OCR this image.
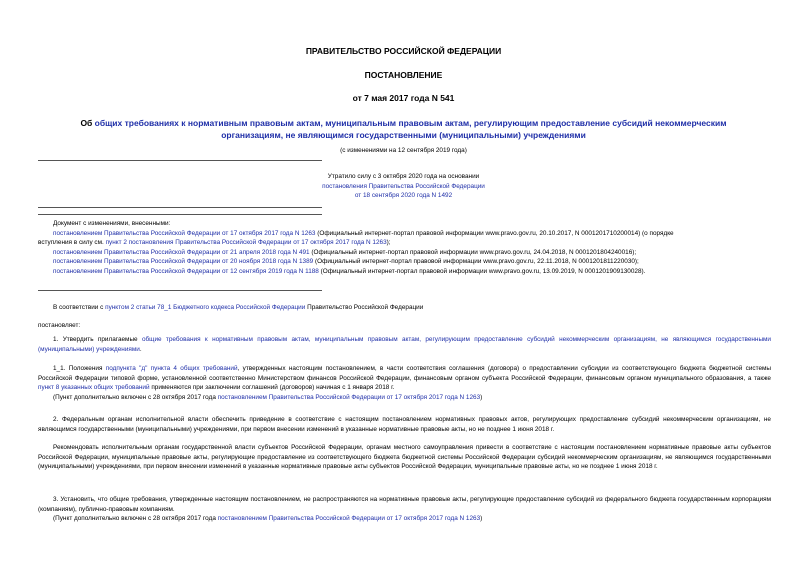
ПРАВИТЕЛЬСТВО РОССИЙСКОЙ ФЕДЕРАЦИИ
ПОСТАНОВЛЕНИЕ
от 7 мая 2017 года N 541
Об общих требованиях к нормативным правовым актам, муниципальным правовым актам, регулирующим предоставление субсидий некоммерческим
организациям, не являющимся государственными (муниципальными) учреждениями
(с изменениями на 12 сентября 2019 года)
Утратило силу с 3 октября 2020 года на основании
постановления Правительства Российской Федерации
от 18 сентября 2020 года N 1492
Документ с изменениями, внесенными:
постановлением Правительства Российской Федерации от 17 октября 2017 года N 1263 (Официальный интернет-портал правовой информации www.pravo.gov.ru, 20.10.2017, N 0001201710200014) (о порядке
вступления в силу см. пункт 2 постановления Правительства Российской Федерации от 17 октября 2017 года N 1263);
постановлением Правительства Российской Федерации от 21 апреля 2018 года N 491 (Официальный интернет-портал правовой информации www.pravo.gov.ru, 24.04.2018, N 0001201804240016);
постановлением Правительства Российской Федерации от 20 ноября 2018 года N 1389 (Официальный интернет-портал правовой информации www.pravo.gov.ru, 22.11.2018, N 0001201811220030);
постановлением Правительства Российской Федерации от 12 сентября 2019 года N 1188 (Официальный интернет-портал правовой информации www.pravo.gov.ru, 13.09.2019, N 0001201909130028).
В соответствии с пунктом 2 статьи 78_1 Бюджетного кодекса Российской Федерации Правительство Российской Федерации
постановляет:
1. Утвердить прилагаемые общие требования к нормативным правовым актам, муниципальным правовым актам, регулирующим предоставление субсидий некоммерческим организациям, не являющимся государственными (муниципальными) учреждениями.
1_1. Положения подпункта "д" пункта 4 общих требований, утвержденных настоящим постановлением, в части соответствия соглашения (договора) о предоставлении субсидии из соответствующего бюджета бюджетной системы Российской Федерации типовой форме, установленной соответственно Министерством финансов Российской Федерации, финансовым органом субъекта Российской Федерации, финансовым органом муниципального образования, а также пункт 8 указанных общих требований применяются при заключении соглашений (договоров) начиная с 1 января 2018 г.
(Пункт дополнительно включен с 28 октября 2017 года постановлением Правительства Российской Федерации от 17 октября 2017 года N 1263)
2. Федеральным органам исполнительной власти обеспечить приведение в соответствие с настоящим постановлением нормативных правовых актов, регулирующих предоставление субсидий некоммерческим организациям, не являющимся государственными (муниципальными) учреждениями, при первом внесении изменений в указанные нормативные правовые акты, но не позднее 1 июня 2018 г.
Рекомендовать исполнительным органам государственной власти субъектов Российской Федерации, органам местного самоуправления привести в соответствие с настоящим постановлением нормативные правовые акты субъектов Российской Федерации, муниципальные правовые акты, регулирующие предоставление из соответствующего бюджета бюджетной системы Российской Федерации субсидий некоммерческим организациям, не являющимся государственными (муниципальными) учреждениями, при первом внесении изменений в указанные нормативные правовые акты субъектов Российской Федерации, муниципальные правовые акты, но не позднее 1 июня 2018 г.
3. Установить, что общие требования, утвержденные настоящим постановлением, не распространяются на нормативные правовые акты, регулирующие предоставление субсидий из федерального бюджета государственным корпорациям (компаниям), публично-правовым компаниям.
(Пункт дополнительно включен с 28 октября 2017 года постановлением Правительства Российской Федерации от 17 октября 2017 года N 1263)
